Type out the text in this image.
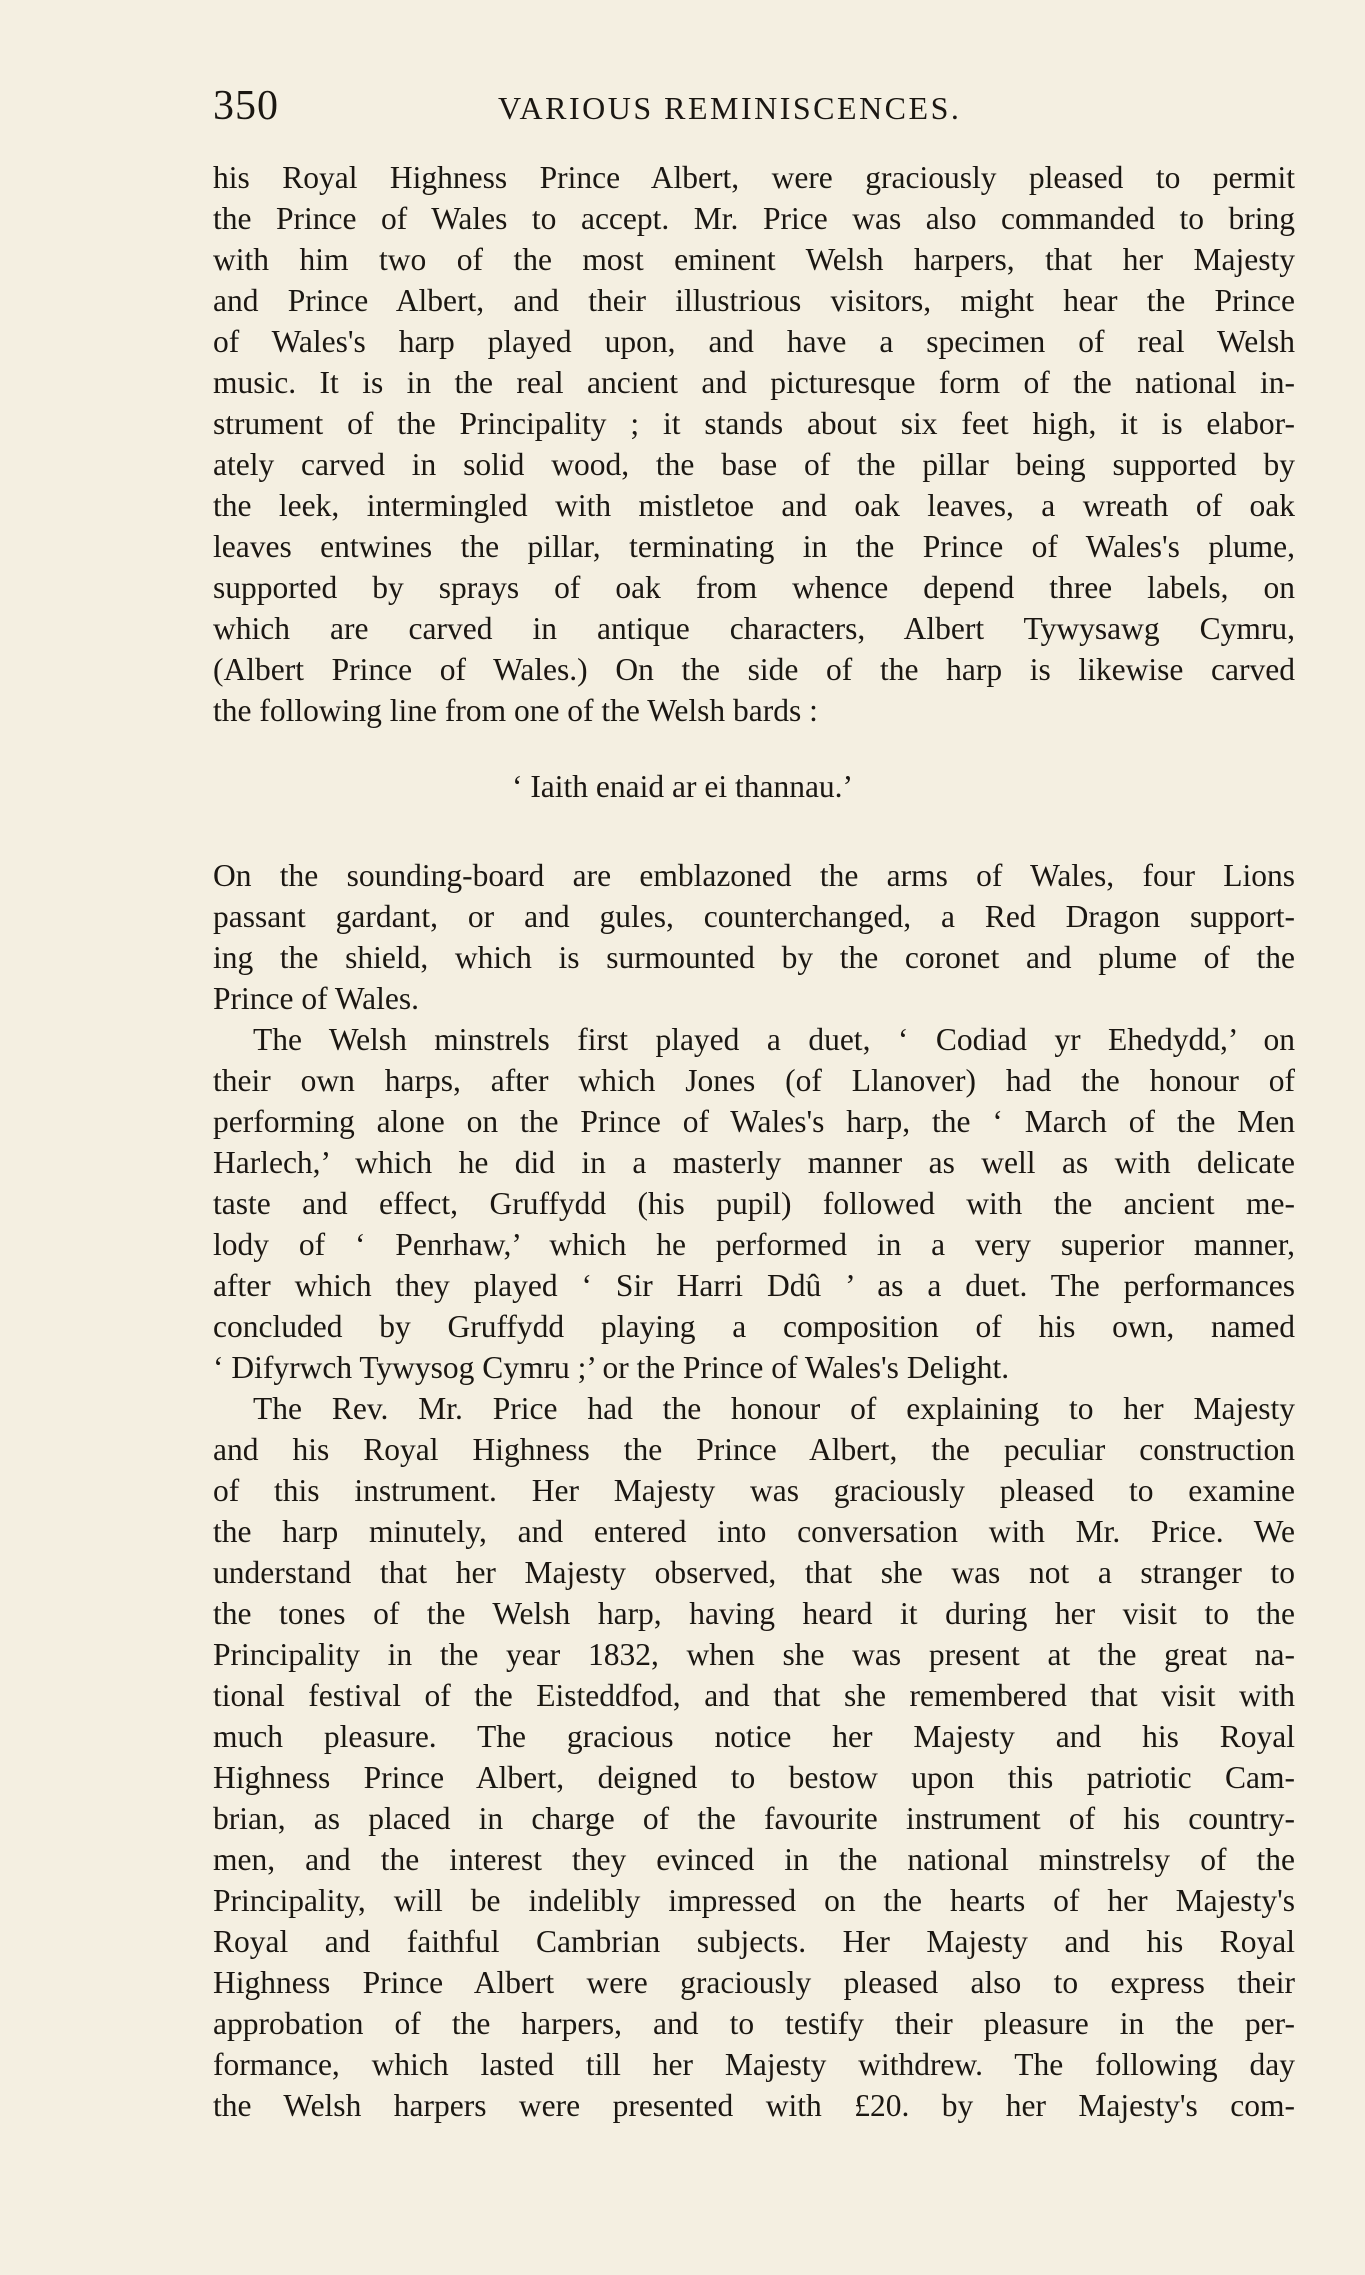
350	VARIOUS REMINISCENCES.
his Royal Highness Prince Albert, were graciously pleased to permit
the Prince of Wales to accept. Mr. Price was also commanded to bring
with him two of the most eminent Welsh harpers, that her Majesty
and Prince Albert, and their illustrious visitors, might hear the Prince
of Wales's harp played upon, and have a specimen of real Welsh
music. It is in the real ancient and picturesque form of the national in-
strument of the Principality ; it stands about six feet high, it is elabor-
ately carved in solid wood, the base of the pillar being supported by
the leek, intermingled with mistletoe and oak leaves, a wreath of oak
leaves entwines the pillar, terminating in the Prince of Wales's plume,
supported by sprays of oak from whence depend three labels, on
which are carved in antique characters, Albert Tywysawg Cymru,
(Albert Prince of Wales.) On the side of the harp is likewise carved
the following line from one of the Welsh bards :
‘ Iaith enaid ar ei thannau.’
On the sounding-board are emblazoned the arms of Wales, four Lions
passant gardant, or and gules, counterchanged, a Red Dragon support-
ing the shield, which is surmounted by the coronet and plume of the
Prince of Wales.
The Welsh minstrels first played a duet, ‘ Codiad yr Ehedydd,’ on
their own harps, after which Jones (of Llanover) had the honour of
performing alone on the Prince of Wales's harp, the ‘ March of the Men
Harlech,’ which he did in a masterly manner as well as with delicate
taste and effect, Gruffydd (his pupil) followed with the ancient me-
lody of ‘ Penrhaw,’ which he performed in a very superior manner,
after which they played ‘ Sir Harri Ddû ’ as a duet. The performances
concluded by Gruffydd playing a composition of his own, named
‘ Difyrwch Tywysog Cymru ;’ or the Prince of Wales's Delight.
The Rev. Mr. Price had the honour of explaining to her Majesty
and his Royal Highness the Prince Albert, the peculiar construction
of this instrument. Her Majesty was graciously pleased to examine
the harp minutely, and entered into conversation with Mr. Price. We
understand that her Majesty observed, that she was not a stranger to
the tones of the Welsh harp, having heard it during her visit to the
Principality in the year 1832, when she was present at the great na-
tional festival of the Eisteddfod, and that she remembered that visit with
much pleasure. The gracious notice her Majesty and his Royal
Highness Prince Albert, deigned to bestow upon this patriotic Cam-
brian, as placed in charge of the favourite instrument of his country-
men, and the interest they evinced in the national minstrelsy of the
Principality, will be indelibly impressed on the hearts of her Majesty's
Royal and faithful Cambrian subjects. Her Majesty and his Royal
Highness Prince Albert were graciously pleased also to express their
approbation of the harpers, and to testify their pleasure in the per-
formance, which lasted till her Majesty withdrew. The following day
the Welsh harpers were presented with £20. by her Majesty's com-
